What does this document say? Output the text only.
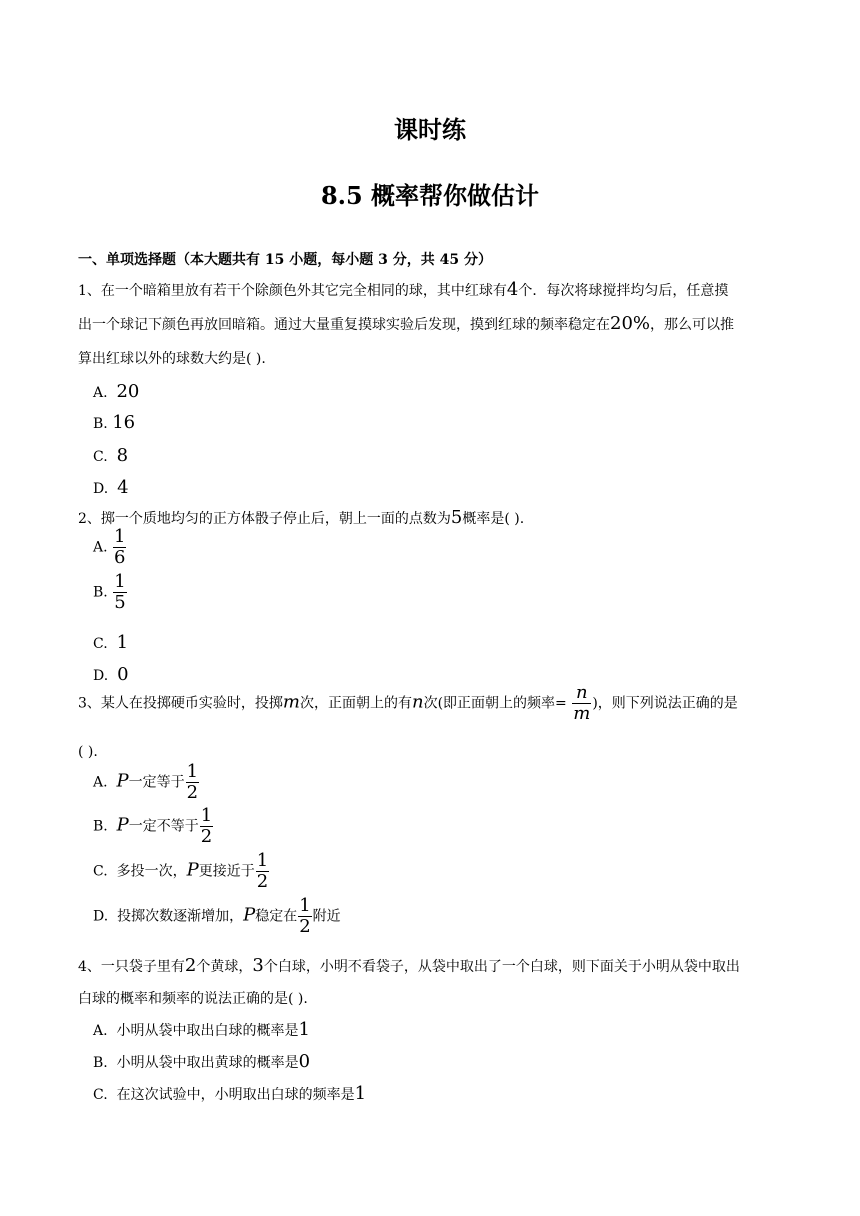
课时练
8.5 概率帮你做估计
一、单项选择题（本大题共有 15 小题，每小题 3 分，共 45 分）
1、在一个暗箱里放有若干个除颜色外其它完全相同的球，其中红球有4个．每次将球搅拌均匀后，任意摸
出一个球记下颜色再放回暗箱。通过大量重复摸球实验后发现，摸到红球的频率稳定在20%，那么可以推
算出红球以外的球数大约是( ).
A. 20
B. 16
C. 8
D. 4
2、掷一个质地均匀的正方体骰子停止后，朝上一面的点数为5概率是( ).
A. $\frac{1}{6}$
B. $\frac{1}{5}$
C. 1
D. 0
3、某人在投掷硬币实验时，投掷m次，正面朝上的有n次(即正面朝上的频率= $\frac{n}{m}$ )，则下列说法正确的是
( ).
A. P一定等于 $\frac{1}{2}$
B. P一定不等于 $\frac{1}{2}$
C. 多投一次，P更接近于 $\frac{1}{2}$
D. 投掷次数逐渐增加，P稳定在 $\frac{1}{2}$ 附近
4、一只袋子里有2个黄球，3个白球，小明不看袋子，从袋中取出了一个白球，则下面关于小明从袋中取出
白球的概率和频率的说法正确的是( ).
A. 小明从袋中取出白球的概率是1
B. 小明从袋中取出黄球的概率是0
C. 在这次试验中，小明取出白球的频率是1
